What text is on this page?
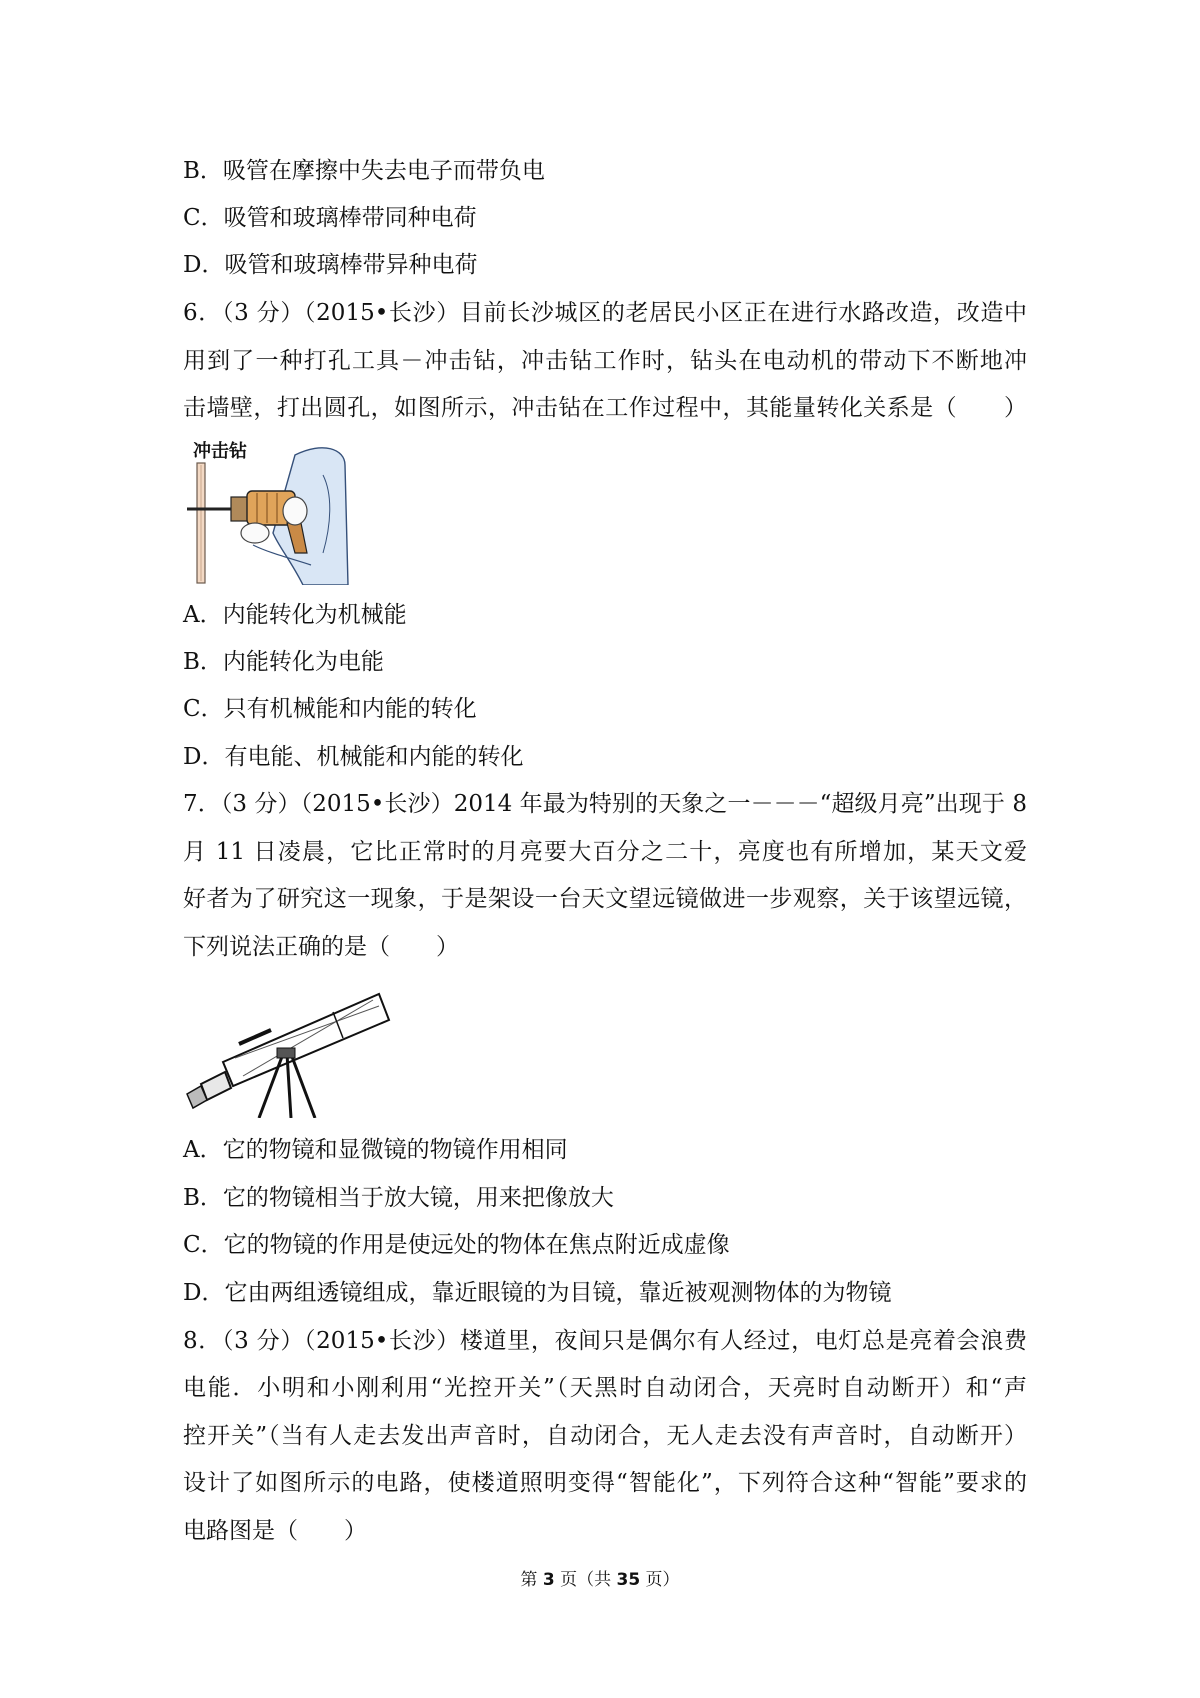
B．吸管在摩擦中失去电子而带负电
C．吸管和玻璃棒带同种电荷
D．吸管和玻璃棒带异种电荷
6．（3 分）（2015•长沙）目前长沙城区的老居民小区正在进行水路改造，改造中
用到了一种打孔工具－冲击钻，冲击钻工作时，钻头在电动机的带动下不断地冲
击墙壁，打出圆孔，如图所示，冲击钻在工作过程中，其能量转化关系是（　　）
冲击钻
A．内能转化为机械能
B．内能转化为电能
C．只有机械能和内能的转化
D．有电能、机械能和内能的转化
7．（3 分）（2015•长沙）2014 年最为特别的天象之一－－－“超级月亮”出现于 8
月 11 日凌晨，它比正常时的月亮要大百分之二十，亮度也有所增加，某天文爱
好者为了研究这一现象，于是架设一台天文望远镜做进一步观察，关于该望远镜，
下列说法正确的是（　　）
A．它的物镜和显微镜的物镜作用相同
B．它的物镜相当于放大镜，用来把像放大
C．它的物镜的作用是使远处的物体在焦点附近成虚像
D．它由两组透镜组成，靠近眼镜的为目镜，靠近被观测物体的为物镜
8．（3 分）（2015•长沙）楼道里，夜间只是偶尔有人经过，电灯总是亮着会浪费
电能．小明和小刚利用“光控开关”（天黑时自动闭合，天亮时自动断开）和“声
控开关”（当有人走去发出声音时，自动闭合，无人走去没有声音时，自动断开）
设计了如图所示的电路，使楼道照明变得“智能化”，下列符合这种“智能”要求的
电路图是（　　）
第 3 页（共 35 页）
